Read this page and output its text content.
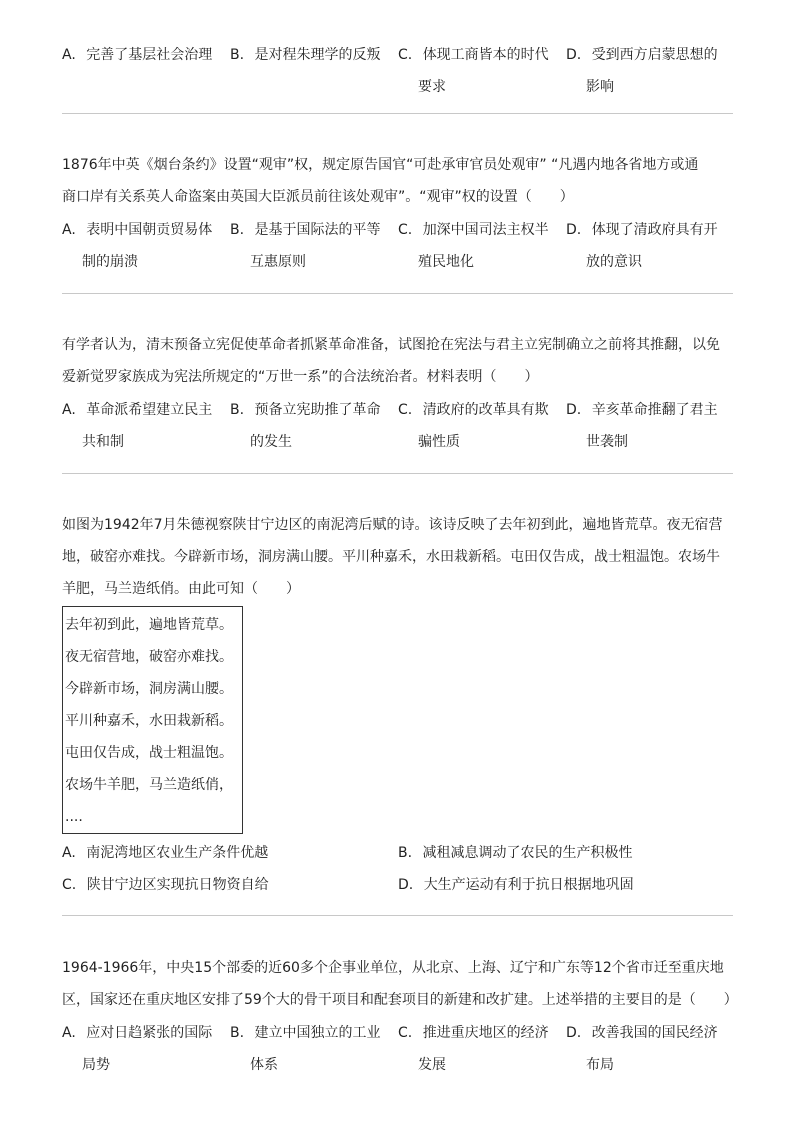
A. 完善了基层社会治理 B. 是对程朱理学的反叛 C. 体现工商皆本的时代
要求
D. 受到西方启蒙思想的
影响
1876年中英《烟台条约》设置“观审”权，规定原告国官“可赴承审官员处观审” “凡遇内地各省地方或通
商口岸有关系英人命盗案由英国大臣派员前往该处观审”。“观审”权的设置（　　）
A. 表明中国朝贡贸易体
制的崩溃
B. 是基于国际法的平等
互惠原则
C. 加深中国司法主权半
殖民地化
D. 体现了清政府具有开
放的意识
有学者认为，清末预备立宪促使革命者抓紧革命准备，试图抢在宪法与君主立宪制确立之前将其推翻，以免
爱新觉罗家族成为宪法所规定的“万世一系”的合法统治者。材料表明（　　）
A. 革命派希望建立民主
共和制
B. 预备立宪助推了革命
的发生
C. 清政府的改革具有欺
骗性质
D. 辛亥革命推翻了君主
世袭制
如图为1942年7月朱德视察陕甘宁边区的南泥湾后赋的诗。该诗反映了去年初到此，遍地皆荒草。夜无宿营
地，破窑亦难找。今辟新市场，洞房满山腰。平川种嘉禾，水田栽新稻。屯田仅告成，战士粗温饱。农场牛
羊肥，马兰造纸俏。由此可知（　　）
去年初到此，遍地皆荒草。
夜无宿营地，破窑亦难找。
今辟新市场，洞房满山腰。
平川种嘉禾，水田栽新稻。
屯田仅告成，战士粗温饱。
农场牛羊肥，马兰造纸俏，
....
A. 南泥湾地区农业生产条件优越	B. 减租减息调动了农民的生产积极性
C. 陕甘宁边区实现抗日物资自给	D. 大生产运动有利于抗日根据地巩固
1964-1966年，中央15个部委的近60多个企事业单位，从北京、上海、辽宁和广东等12个省市迁至重庆地
区，国家还在重庆地区安排了59个大的骨干项目和配套项目的新建和改扩建。上述举措的主要目的是（　　）
A. 应对日趋紧张的国际
局势
B. 建立中国独立的工业
体系
C. 推进重庆地区的经济
发展
D. 改善我国的国民经济
布局
